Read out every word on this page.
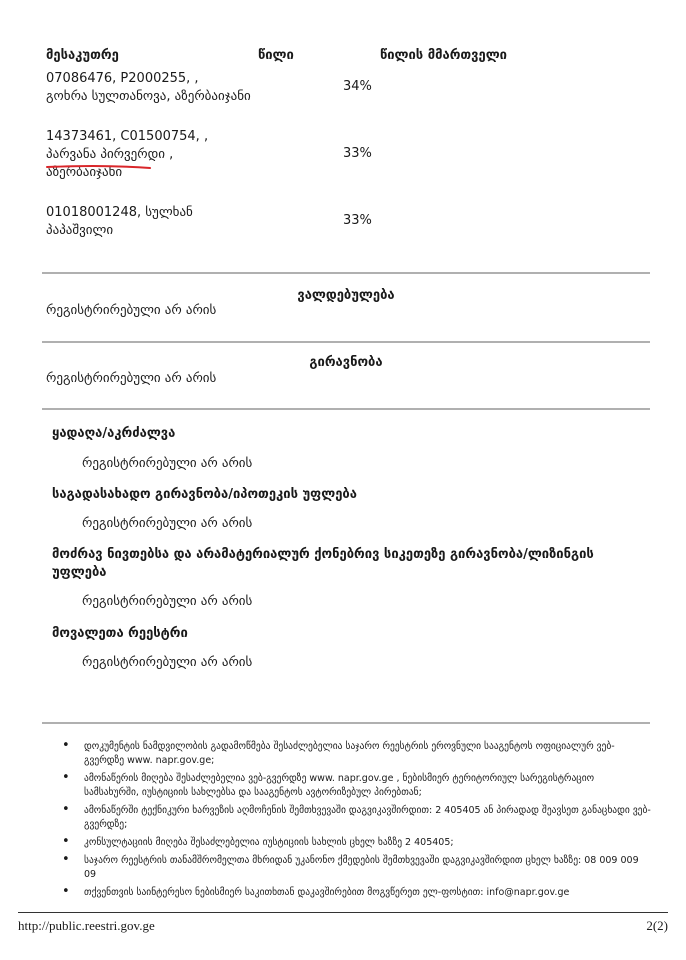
მესაკუთრე	წილი	წილის მმართველი
07086476, P2000255, ,
გოხრა სულთანოვა, აზერბაიჯანი
34%
14373461, C01500754, ,
პარვანა პირვერდი ,
აზერბაიჯანი
33%
01018001248, სულხან
პაპაშვილი
33%
ვალდებულება
რეგისტრირებული არ არის
გირავნობა
რეგისტრირებული არ არის
ყადაღა/აკრძალვა
რეგისტრირებული არ არის
საგადასახადო გირავნობა/იპოთეკის უფლება
რეგისტრირებული არ არის
მოძრავ ნივთებსა და არამატერიალურ ქონებრივ სიკეთეზე გირავნობა/ლიზინგის
უფლება
რეგისტრირებული არ არის
მოვალეთა რეესტრი
რეგისტრირებული არ არის
• დოკუმენტის ნამდვილობის გადამოწმება შესაძლებელია საჯარო რეესტრის ეროვნული სააგენტოს ოფიციალურ ვებ-გვერდზე www. napr.gov.ge;
• ამონაწერის მიღება შესაძლებელია ვებ-გვერდზე www. napr.gov.ge , ნებისმიერ ტერიტორიულ სარეგისტრაციო სამსახურში, იუსტიციის სახლებსა და სააგენტოს ავტორიზებულ პირებთან;
• ამონაწერში ტექნიკური ხარვეზის აღმოჩენის შემთხვევაში დაგვიკავშირდით: 2 405405 ან პირადად შეავსეთ განაცხადი ვებ-გვერდზე;
• კონსულტაციის მიღება შესაძლებელია იუსტიციის სახლის ცხელ ხაზზე 2 405405;
• საჯარო რეესტრის თანამშრომელთა მხრიდან უკანონო ქმედების შემთხვევაში დაგვიკავშირდით ცხელ ხაზზე: 08 009 009 09
• თქვენთვის საინტერესო ნებისმიერ საკითხთან დაკავშირებით მოგვწერეთ ელ-ფოსტით: info@napr.gov.ge
http://public.reestri.gov.ge	2(2)
